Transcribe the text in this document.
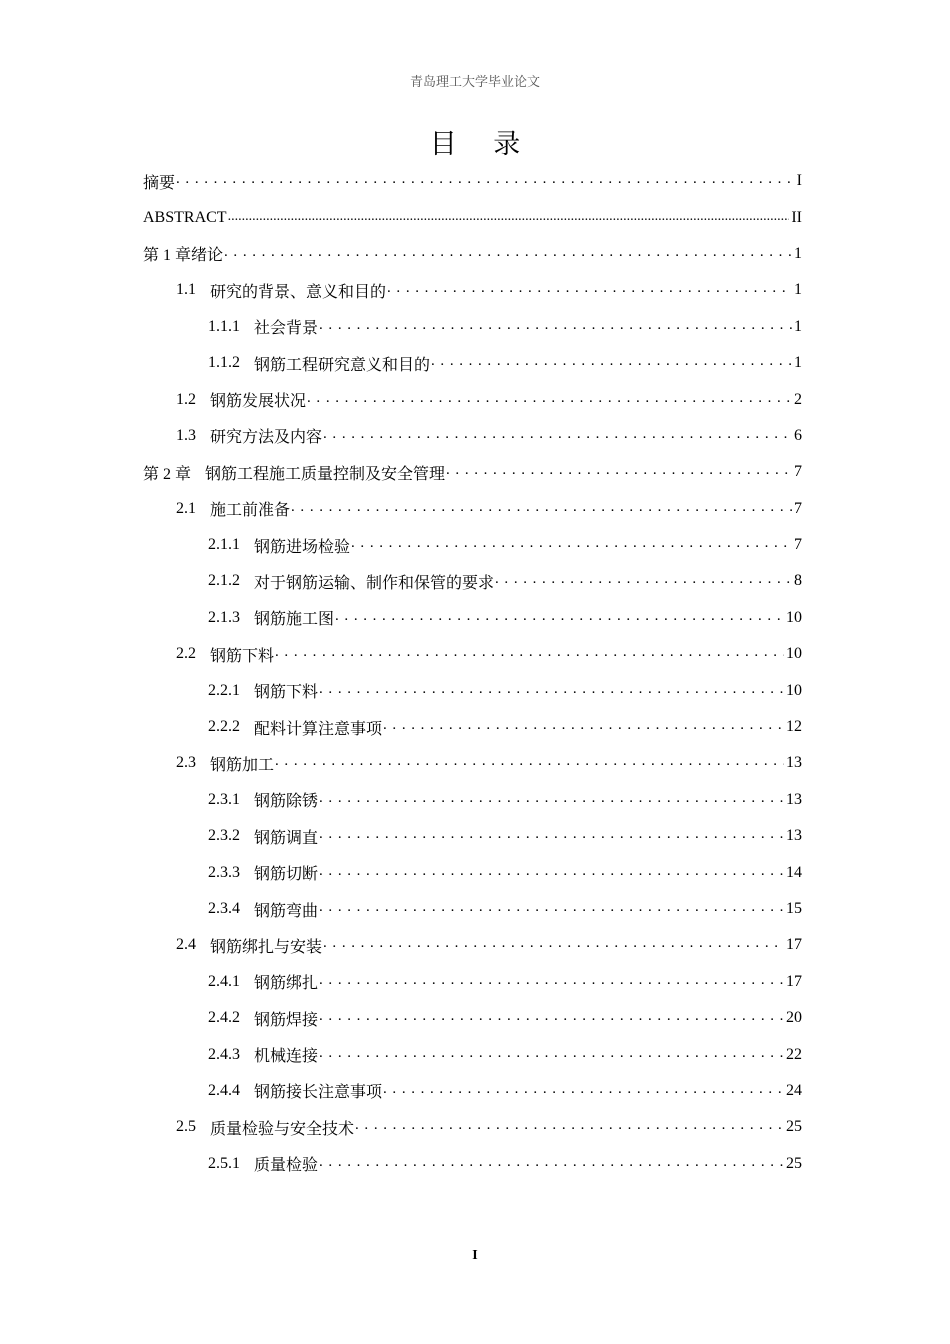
青岛理工大学毕业论文
目 录
摘要 . . .	I
ABSTRACT .....	II
第 1 章绪论 . . .	1
1.1 研究的背景、意义和目的 . . .	1
1.1.1 社会背景 . . .	1
1.1.2 钢筋工程研究意义和目的 . . .	1
1.2 钢筋发展状况 . . .	2
1.3 研究方法及内容 . . .	6
第 2 章 钢筋工程施工质量控制及安全管理 . . .	7
2.1 施工前准备 . . .	7
2.1.1 钢筋进场检验 . . .	7
2.1.2 对于钢筋运输、制作和保管的要求 . . .	8
2.1.3 钢筋施工图 . . .	10
2.2 钢筋下料 . . .	10
2.2.1 钢筋下料 . . .	10
2.2.2 配料计算注意事项 . . .	12
2.3 钢筋加工 . . .	13
2.3.1 钢筋除锈 . . .	13
2.3.2 钢筋调直 . . .	13
2.3.3 钢筋切断 . . .	14
2.3.4 钢筋弯曲 . . .	15
2.4 钢筋绑扎与安装 . . .	17
2.4.1 钢筋绑扎 . . .	17
2.4.2 钢筋焊接 . . .	20
2.4.3 机械连接 . . .	22
2.4.4 钢筋接长注意事项 . . .	24
2.5 质量检验与安全技术 . . .	25
2.5.1 质量检验 . . .	25
I
